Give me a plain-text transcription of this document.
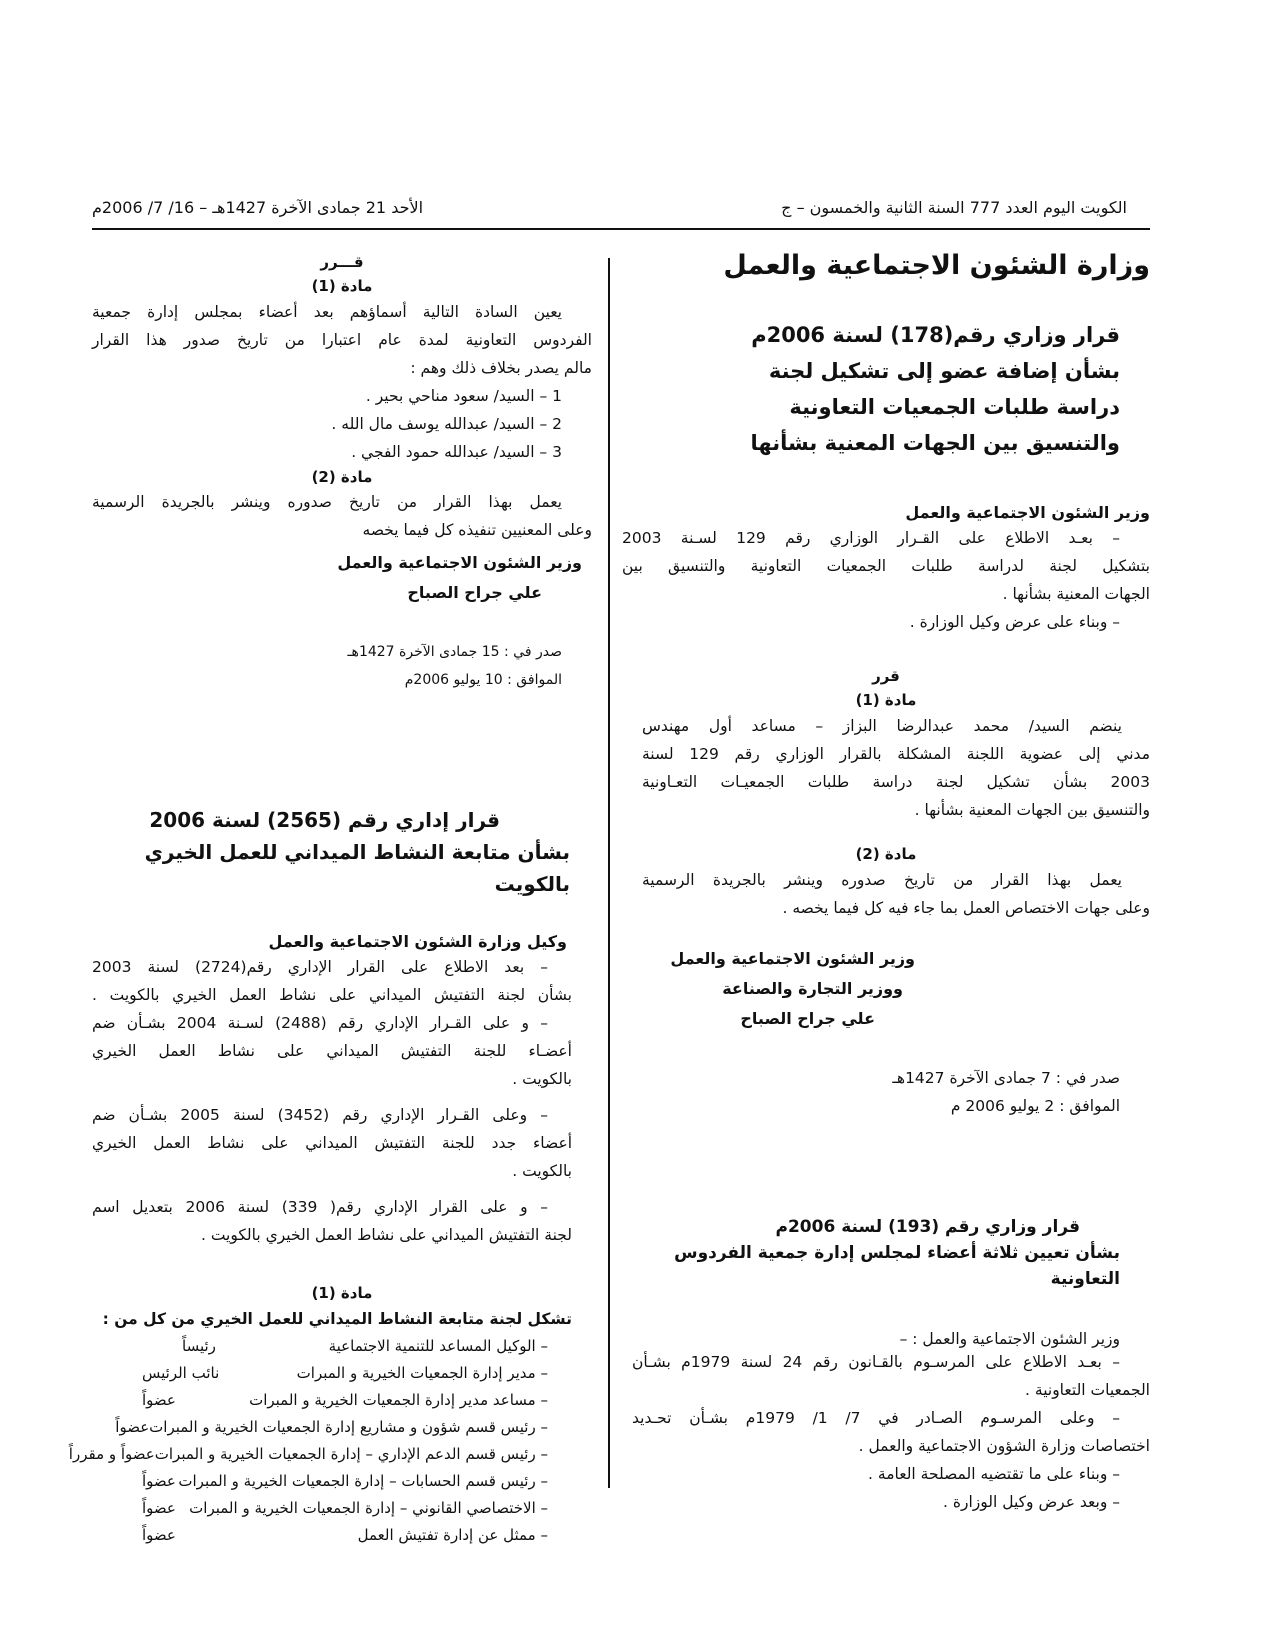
الكويت اليوم العدد 777 السنة الثانية والخمسون – ج
الأحد 21 جمادى الآخرة 1427هـ – 16/ 7/ 2006م
وزارة الشئون الاجتماعية والعمل
قرار وزاري رقم(178) لسنة 2006م
بشأن إضافة عضو إلى تشكيل لجنة
دراسة طلبات الجمعيات التعاونية
والتنسيق بين الجهات المعنية بشأنها
وزير الشئون الاجتماعية والعمل
– بعـد الاطلاع على القـرار الوزاري رقم 129 لسـنة 2003
بتشكيل لجنة لدراسة طلبات الجمعيات التعاونية والتنسيق بين
الجهات المعنية بشأنها .
– وبناء على عرض وكيل الوزارة .
قرر
مادة (1)
ينضم السيد/ محمد عبدالرضا البزاز – مساعد أول مهندس
مدني إلى عضوية اللجنة المشكلة بالقرار الوزاري رقم 129 لسنة
2003 بشأن تشكيل لجنة دراسة طلبات الجمعيـات التعـاونية
والتنسيق بين الجهات المعنية بشأنها .
مادة (2)
يعمل بهذا القرار من تاريخ صدوره وينشر بالجريدة الرسمية
وعلى جهات الاختصاص العمل بما جاء فيه كل فيما يخصه .
وزير الشئون الاجتماعية والعمل
ووزير التجارة والصناعة
علي جراح الصباح
صدر في : 7 جمادى الآخرة 1427هـ
الموافق : 2 يوليو 2006 م
قرار وزاري رقم (193) لسنة 2006م
بشأن تعيين ثلاثة أعضاء لمجلس إدارة جمعية الفردوس التعاونية
وزير الشئون الاجتماعية والعمل : –
– بعـد الاطلاع على المرسـوم بالقـانون رقم 24 لسنة 1979م بشـأن
الجمعيات التعاونية .
– وعلى المرسـوم الصـادر في 7/ 1/ 1979م بشـأن تحـديد
اختصاصات وزارة الشؤون الاجتماعية والعمل .
– وبناء على ما تقتضيه المصلحة العامة .
– وبعد عرض وكيل الوزارة .
قـــرر
مادة (1)
يعين السادة التالية أسماؤهم بعد أعضاء بمجلس إدارة جمعية
الفردوس التعاونية لمدة عام اعتبارا من تاريخ صدور هذا القرار
مالم يصدر بخلاف ذلك وهم :
1 – السيد/ سعود مناحي بحير .
2 – السيد/ عبدالله يوسف مال الله .
3 – السيد/ عبدالله حمود الفجي .
مادة (2)
يعمل بهذا القرار من تاريخ صدوره وينشر بالجريدة الرسمية
وعلى المعنيين تنفيذه كل فيما يخصه
وزير الشئون الاجتماعية والعمل
علي جراح الصباح
صدر في : 15 جمادى الآخرة 1427هـ
الموافق : 10 يوليو 2006م
قرار إداري رقم (2565) لسنة 2006
بشأن متابعة النشاط الميداني للعمل الخيري بالكويت
وكيل وزارة الشئون الاجتماعية والعمل
– بعد الاطلاع على القرار الإداري رقم(2724) لسنة 2003
بشأن لجنة التفتيش الميداني على نشاط العمل الخيري بالكويت .
– و على القـرار الإداري رقم (2488) لسـنة 2004 بشـأن ضم
أعضـاء للجنة التفتيش الميداني على نشاط العمل الخيري
بالكويت .
– وعلى القـرار الإداري رقم (3452) لسنة 2005 بشـأن ضم
أعضاء جدد للجنة التفتيش الميداني على نشاط العمل الخيري
بالكويت .
– و على القرار الإداري رقم( 339) لسنة 2006 بتعديل اسم
لجنة التفتيش الميداني على نشاط العمل الخيري بالكويت .
مادة (1)
تشكل لجنة متابعة النشاط الميداني للعمل الخيري من كل من :
– الوكيل المساعد للتنمية الاجتماعية
رئيساً
– مدير إدارة الجمعيات الخيرية و المبرات
نائب الرئيس
– مساعد مدير إدارة الجمعيات الخيرية و المبرات
عضواً
– رئيس قسم شؤون و مشاريع إدارة الجمعيات الخيرية و المبرات
عضواً
– رئيس قسم الدعم الإداري – إدارة الجمعيات الخيرية و المبرات
عضواً و مقرراً
– رئيس قسم الحسابات – إدارة الجمعيات الخيرية و المبرات
عضواً
– الاختصاصي القانوني – إدارة الجمعيات الخيرية و المبرات
عضواً
– ممثل عن إدارة تفتيش العمل
عضواً
